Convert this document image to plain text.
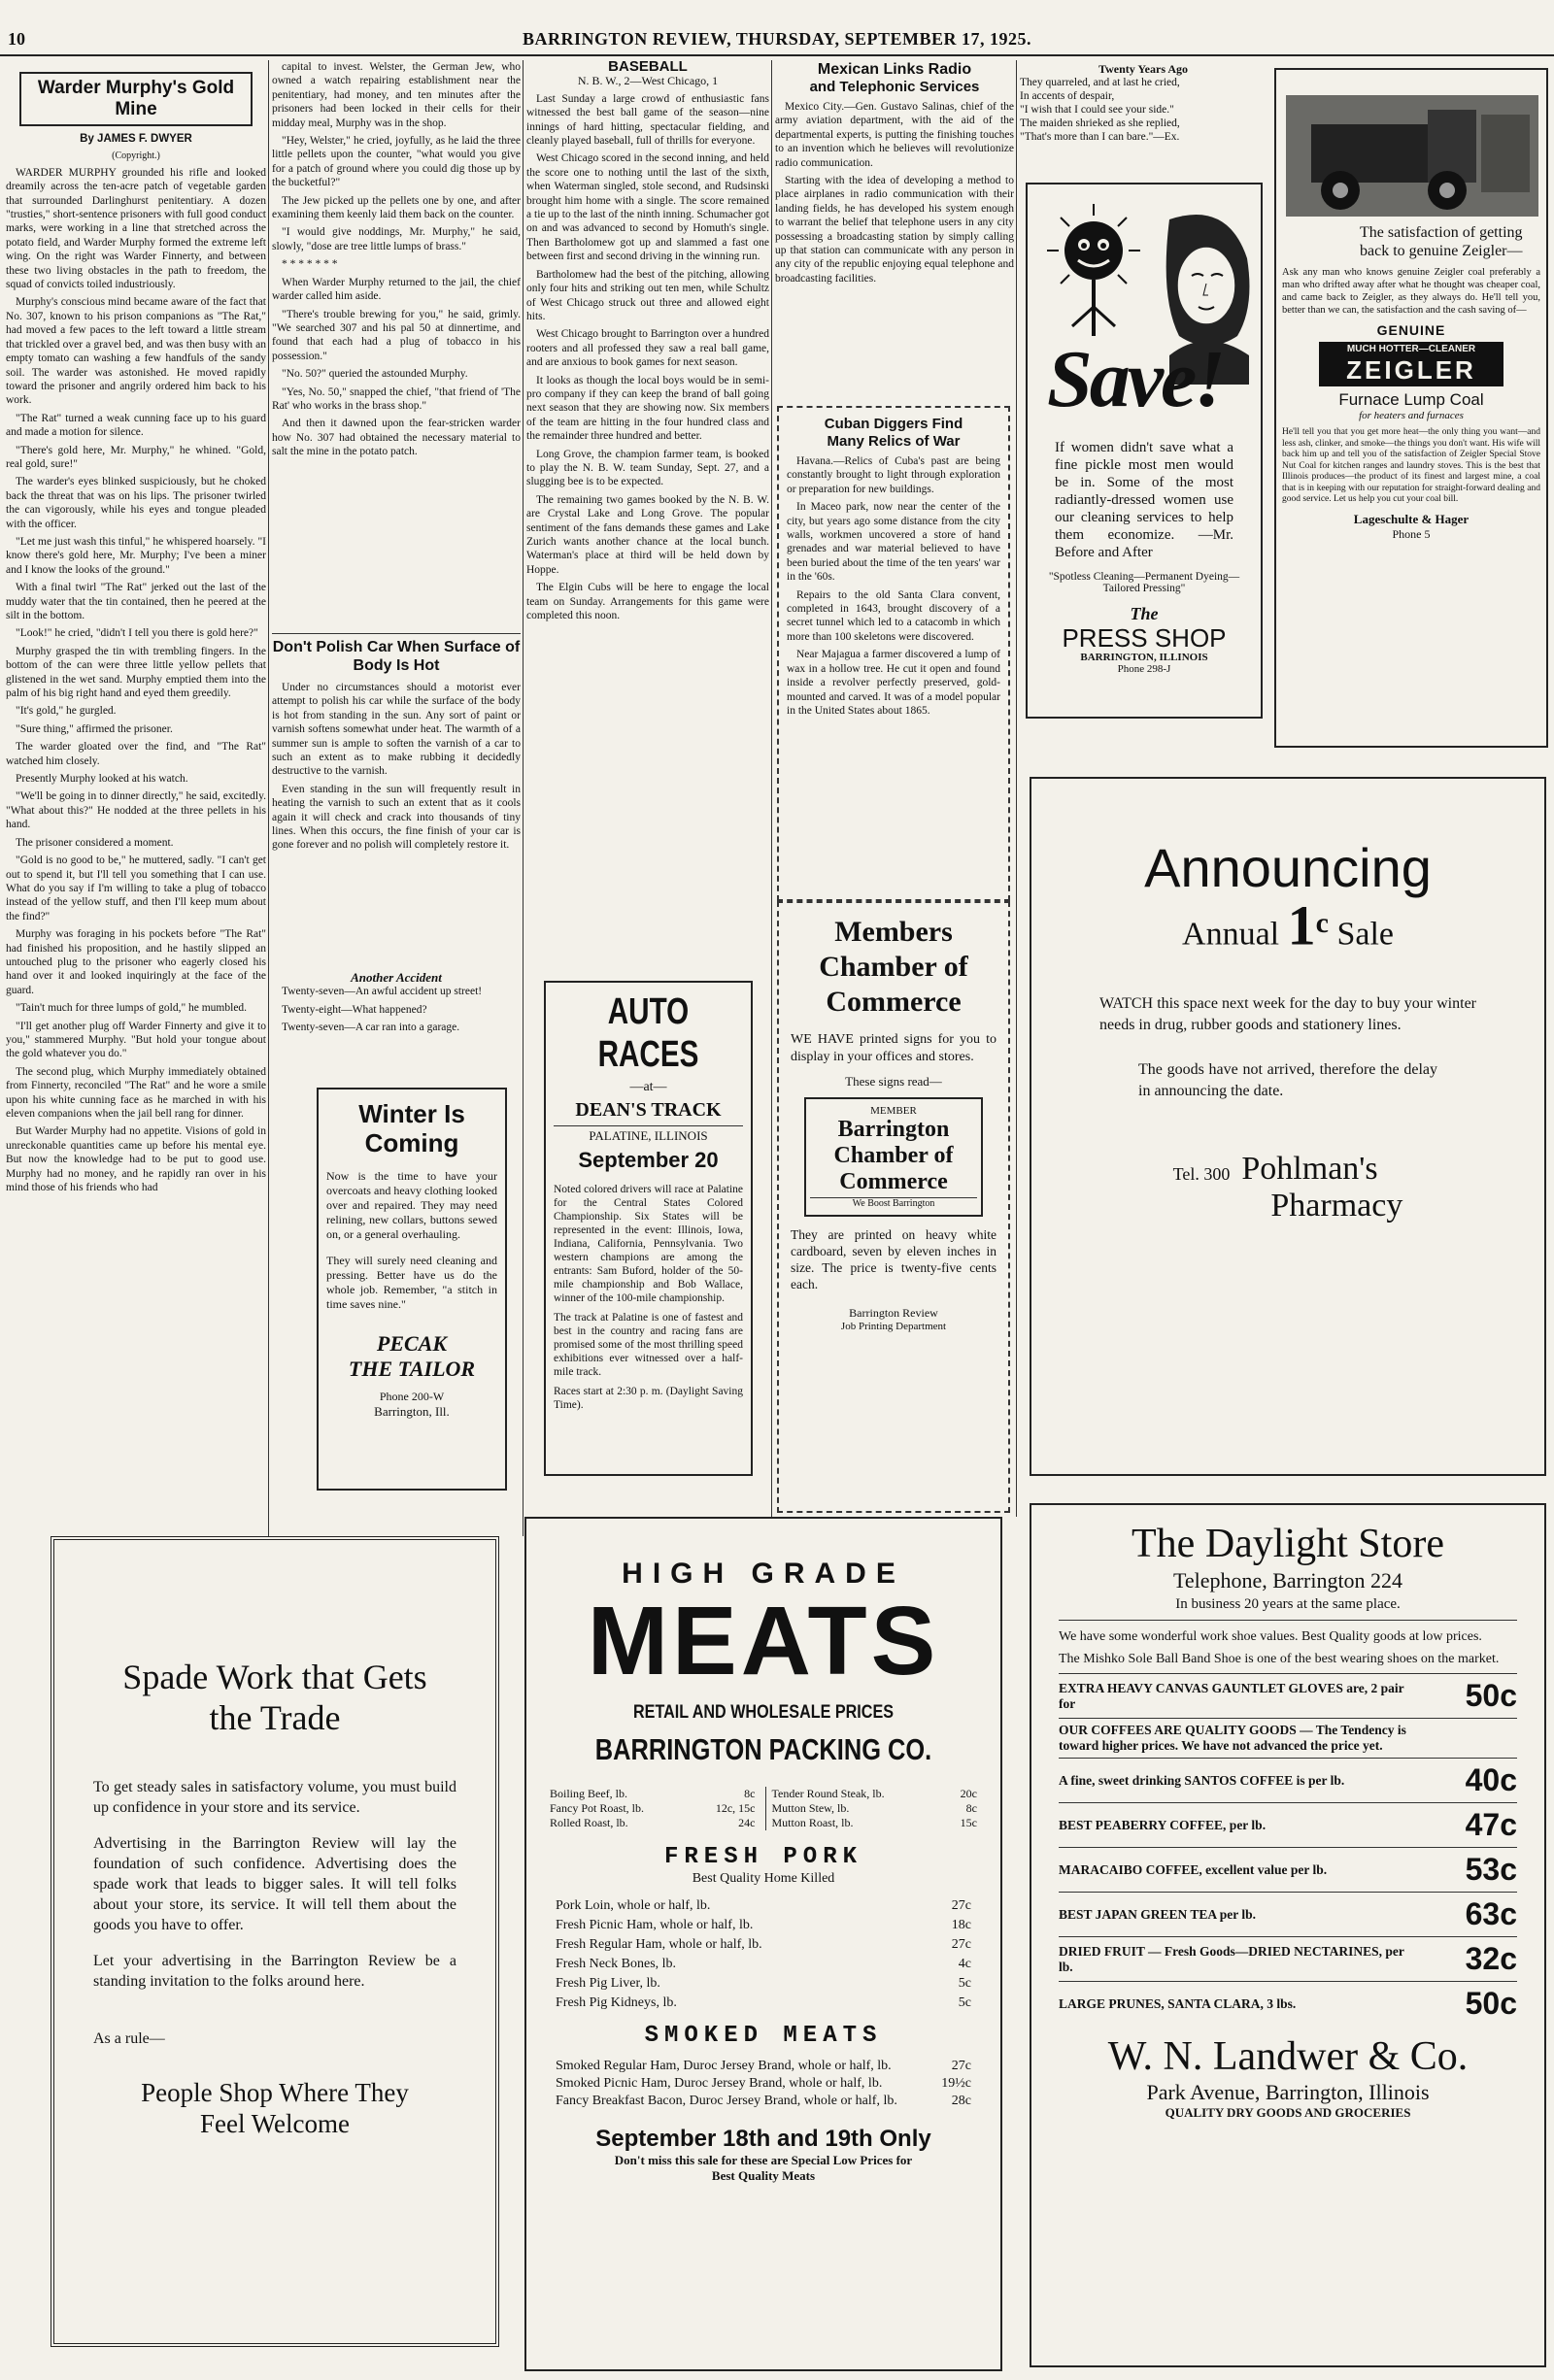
10	BARRINGTON REVIEW, THURSDAY, SEPTEMBER 17, 1925.
Warder Murphy's Gold Mine
By JAMES F. DWYER
(Copyright.)

WARDER MURPHY grounded his rifle and looked dreamily across the ten-acre patch of vegetable garden that surrounded Darlinghurst penitentiary. A dozen "trusties," short-sentence prisoners with full good conduct marks, were working in a line that stretched across the potato field, and Warder Murphy formed the extreme left wing. On the right was Warder Finnerty, and between these two living obstacles in the path to freedom, the squad of convicts toiled industriously.

Murphy's conscious mind became aware of the fact that No. 307, known to his prison companions as "The Rat," had moved a few paces to the left toward a little stream that trickled over a gravel bed, and was then busy with an empty tomato can washing a few handfuls of the sandy soil. The warder was astonished. He moved rapidly toward the prisoner and angrily ordered him back to his work.

"The Rat" turned a weak cunning face up to his guard and made a motion for silence.

"There's gold here, Mr. Murphy," he whined. "Gold, real gold, sure!"

The warder's eyes blinked suspiciously, but he choked back the threat that was on his lips. The prisoner twirled the can vigorously, while his eyes and tongue pleaded with the officer.

"Let me just wash this tinful," he whispered hoarsely. "I know there's gold here, Mr. Murphy; I've been a miner and I know the looks of the ground."

With a final twirl "The Rat" jerked out the last of the muddy water that the tin contained, then he peered at the silt in the bottom.

"Look!" he cried, "didn't I tell you there is gold here?"

Murphy grasped the tin with trembling fingers. In the bottom of the can were three little yellow pellets that glistened in the wet sand. Murphy emptied them into the palm of his big right hand and eyed them greedily.

"It's gold," he gurgled.

"Sure thing," affirmed the prisoner.

The warder gloated over the find, and "The Rat" watched him closely.

Presently Murphy looked at his watch.

"We'll be going in to dinner directly," he said, excitedly. "What about this?" He nodded at the three pellets in his hand.

The prisoner considered a moment.

"Gold is no good to be," he muttered, sadly. "I can't get out to spend it, but I'll tell you something that I can use. What do you say if I'm willing to take a plug of tobacco instead of the yellow stuff, and then I'll keep mum about the find?"

Murphy was foraging in his pockets before "The Rat" had finished his proposition, and he hastily slipped an untouched plug to the prisoner who eagerly closed his hand over it and looked inquiringly at the face of the guard.

"Tain't much for three lumps of gold," he mumbled.

"I'll get another plug off Warder Finnerty and give it to you," stammered Murphy. "But hold your tongue about the gold whatever you do."

The second plug, which Murphy immediately obtained from Finnerty, reconciled "The Rat" and he wore a smile upon his white cunning face as he marched in with his eleven companions when the jail bell rang for dinner.

But Warder Murphy had no appetite. Visions of gold in unreckonable quantities came up before his mental eye. But now the knowledge had to be put to good use. Murphy had no money, and he rapidly ran over in his mind those of his friends who had

capital to invest. Welster, the German Jew, who owned a watch repairing establishment near the penitentiary, had money, and ten minutes after the prisoners had been locked in their cells for their midday meal, Murphy was in the shop.

"Hey, Welster," he cried, joyfully, as he laid the three little pellets upon the counter, "what would you give for a patch of ground where you could dig those up by the bucketful?"

The Jew picked up the pellets one by one, and after examining them keenly laid them back on the counter.

"I would give noddings, Mr. Murphy," he said, slowly, "dose are tree little lumps of brass."

* * * * * * *

When Warder Murphy returned to the jail, the chief warder called him aside.

"There's trouble brewing for you," he said, grimly. "We searched 307 and his pal 50 at dinnertime, and found that each had a plug of tobacco in his possession."

"No. 50?" queried the astounded Murphy.

"Yes, No. 50," snapped the chief, "that friend of 'The Rat' who works in the brass shop."

And then it dawned upon the fear-stricken warder how No. 307 had obtained the necessary material to salt the mine in the potato patch.

Don't Polish Car When Surface of Body Is Hot

Under no circumstances should a motorist ever attempt to polish his car while the surface of the body is hot from standing in the sun. Any sort of paint or varnish softens somewhat under heat. The warmth of a summer sun is ample to soften the varnish of a car to such an extent as to make rubbing it decidedly destructive to the varnish.

Even standing in the sun will frequently result in heating the varnish to such an extent that as it cools again it will check and crack into thousands of tiny lines. When this occurs, the fine finish of your car is gone forever and no polish will completely restore it.

Another Accident

Twenty-seven—An awful accident up street!

Twenty-eight—What happened?

Twenty-seven—A car ran into a garage.

Winter Is
Coming
Now is the time to have your overcoats and heavy clothing looked over and repaired. They may need relining, new collars, buttons sewed on, or a general overhauling.
They will surely need cleaning and pressing. Better have us do the whole job. Remember, "a stitch in time saves nine."
PECAK
THE TAILOR
Phone 200-W
Barrington, Ill.
BASEBALL
N. B. W., 2—West Chicago, 1

Last Sunday a large crowd of enthusiastic fans witnessed the best ball game of the season—nine innings of hard hitting, spectacular fielding, and cleanly played baseball, full of thrills for everyone.

West Chicago scored in the second inning, and held the score one to nothing until the last of the sixth, when Waterman singled, stole second, and Rudsinski brought him home with a single. The score remained a tie up to the last of the ninth inning. Schumacher got on and was advanced to second by Homuth's single. Then Bartholomew got up and slammed a fast one between first and second driving in the winning run.

Bartholomew had the best of the pitching, allowing only four hits and striking out ten men, while Schultz of West Chicago struck out three and allowed eight hits.

West Chicago brought to Barrington over a hundred rooters and all professed they saw a real ball game, and are anxious to book games for next season.

It looks as though the local boys would be in semi-pro company if they can keep the brand of ball going next season that they are showing now. Six members of the team are hitting in the four hundred class and the remainder three hundred and better.

Long Grove, the champion farmer team, is booked to play the N. B. W. team Sunday, Sept. 27, and a slugging bee is to be expected.

The remaining two games booked by the N. B. W. are Crystal Lake and Long Grove. The popular sentiment of the fans demands these games and Lake Zurich wants another chance at the local bunch. Waterman's place at third will be held down by Hoppe.

The Elgin Cubs will be here to engage the local team on Sunday. Arrangements for this game were completed this noon.

AUTO RACES
—at—
DEAN'S TRACK
PALATINE, ILLINOIS
September 20
Noted colored drivers will race at Palatine for the Central States Colored Championship. Six States will be represented in the event: Illinois, Iowa, Indiana, California, Pennsylvania. Two western champions are among the entrants: Sam Buford, holder of the 50-mile championship and Bob Wallace, winner of the 100-mile championship.
The track at Palatine is one of fastest and best in the country and racing fans are promised some of the most thrilling speed exhibitions ever witnessed over a half-mile track.
Races start at 2:30 p. m. (Daylight Saving Time).
Mexican Links Radio
and Telephonic Services

Mexico City.—Gen. Gustavo Salinas, chief of the army aviation department, with the aid of the departmental experts, is putting the finishing touches to an invention which he believes will revolutionize radio communication.

Starting with the idea of developing a method to place airplanes in radio communication with their landing fields, he has developed his system enough to warrant the belief that telephone users in any city possessing a broadcasting station by simply calling up that station can communicate with any person in any city of the republic enjoying equal telephone and broadcasting facilities.

Cuban Diggers Find
Many Relics of War

Havana.—Relics of Cuba's past are being constantly brought to light through exploration or preparation for new buildings.

In Maceo park, now near the center of the city, but years ago some distance from the city walls, workmen uncovered a store of hand grenades and war material believed to have been buried about the time of the ten years' war in the '60s.

Repairs to the old Santa Clara convent, completed in 1643, brought discovery of a secret tunnel which led to a catacomb in which more than 100 skeletons were discovered.

Near Majagua a farmer discovered a lump of wax in a hollow tree. He cut it open and found inside a revolver perfectly preserved, gold-mounted and carved. It was of a model popular in the United States about 1865.

Members
Chamber of
Commerce
WE HAVE printed signs for you to display in your offices and stores.
These signs read—
MEMBER
Barrington
Chamber of
Commerce
We Boost Barrington
They are printed on heavy white cardboard, seven by eleven inches in size. The price is twenty-five cents each.
Barrington Review
Job Printing Department
Twenty Years Ago

They quarreled, and at last he cried,

In accents of despair,

"I wish that I could see your side."

The maiden shrieked as she replied,

"That's more than I can bare."—Ex.

Save!
If women didn't save what a fine pickle most men would be in. Some of the most radiantly-dressed women use our cleaning services to help them economize. —Mr. Before and After
"Spotless Cleaning—Permanent Dyeing—Tailored Pressing"
The
PRESS SHOP
BARRINGTON, ILLINOIS
Phone 298-J
The satisfaction of getting back to genuine Zeigler—
Ask any man who knows genuine Zeigler coal preferably a man who drifted away after what he thought was cheaper coal, and came back to Zeigler, as they always do. He'll tell you, better than we can, the satisfaction and the cash saving of—
GENUINE
MUCH HOTTER—CLEANER
ZEIGLER
Furnace Lump Coal
for heaters and furnaces
He'll tell you that you get more heat—the only thing you want—and less ash, clinker, and smoke—the things you don't want. His wife will back him up and tell you of the satisfaction of Zeigler Special Stove Nut Coal for kitchen ranges and laundry stoves. This is the best that Illinois produces—the product of its finest and largest mine, a coal that is in keeping with our reputation for straight-forward dealing and good service. Let us help you cut your coal bill.
Lageschulte & Hager
Phone 5
Announcing
Annual 1c Sale
WATCH this space next week for the day to buy your winter needs in drug, rubber goods and stationery lines.
The goods have not arrived, therefore the delay in announcing the date.
Tel. 300 Pohlman's
Pharmacy
Spade Work that Gets
the Trade
To get steady sales in satisfactory volume, you must build up confidence in your store and its service.
Advertising in the Barrington Review will lay the foundation of such confidence. Advertising does the spade work that leads to bigger sales. It will tell folks about your store, its service. It will tell them about the goods you have to offer.
Let your advertising in the Barrington Review be a standing invitation to the folks around here.
As a rule—
People Shop Where They
Feel Welcome
HIGH GRADE
MEATS
RETAIL AND WHOLESALE PRICES
BARRINGTON PACKING CO.
Boiling Beef, lb.	8c
Fancy Pot Roast, lb.	12c, 15c
Rolled Roast, lb.	24c
Tender Round Steak, lb.	20c
Mutton Stew, lb.	8c
Mutton Roast, lb.	15c
FRESH PORK
Best Quality Home Killed
Pork Loin, whole or half, lb.	27c
Fresh Picnic Ham, whole or half, lb.	18c
Fresh Regular Ham, whole or half, lb.	27c
Fresh Neck Bones, lb.	4c
Fresh Pig Liver, lb.	5c
Fresh Pig Kidneys, lb.	5c
SMOKED MEATS
Smoked Regular Ham, Duroc Jersey Brand, whole or half, lb.	27c
Smoked Picnic Ham, Duroc Jersey Brand, whole or half, lb.	19½c
Fancy Breakfast Bacon, Duroc Jersey Brand, whole or half, lb.	28c
September 18th and 19th Only
Don't miss this sale for these are Special Low Prices for
Best Quality Meats
The Daylight Store
Telephone, Barrington 224
In business 20 years at the same place.
We have some wonderful work shoe values. Best Quality goods at low prices.
The Mishko Sole Ball Band Shoe is one of the best wearing shoes on the market.
EXTRA HEAVY CANVAS GAUNTLET GLOVES are, 2 pair for	50c
OUR COFFEES ARE QUALITY GOODS — The Tendency is toward higher prices. We have not advanced the price yet.
A fine, sweet drinking SANTOS COFFEE is per lb.	40c
BEST PEABERRY COFFEE, per lb.	47c
MARACAIBO COFFEE, excellent value per lb.	53c
BEST JAPAN GREEN TEA per lb.	63c
DRIED FRUIT — Fresh Goods—DRIED NECTARINES, per lb.	32c
LARGE PRUNES, SANTA CLARA, 3 lbs.	50c
W. N. Landwer & Co.
Park Avenue, Barrington, Illinois
QUALITY DRY GOODS AND GROCERIES
